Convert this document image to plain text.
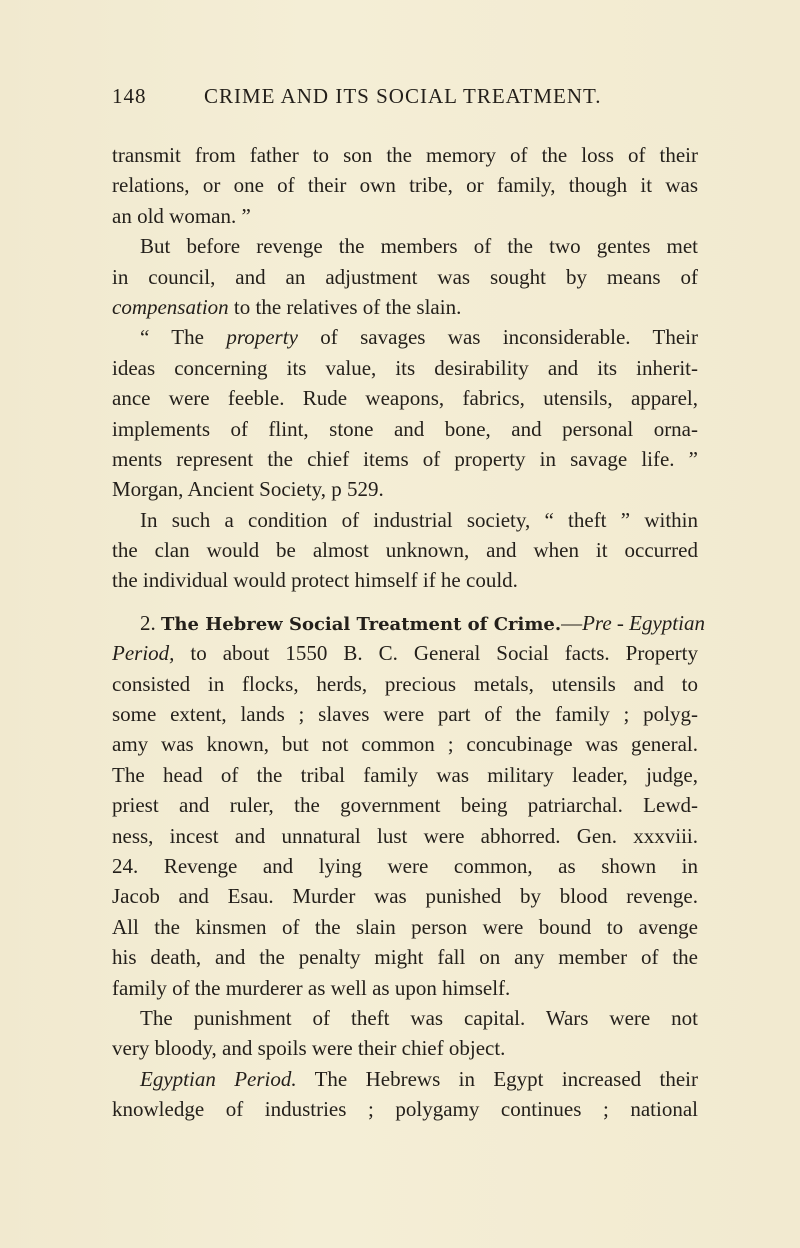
148	CRIME AND ITS SOCIAL TREATMENT.
transmit from father to son the memory of the loss of their
relations, or one of their own tribe, or family, though it was
an old woman. ”
But before revenge the members of the two gentes met
in council, and an adjustment was sought by means of
compensation to the relatives of the slain.
“ The property of savages was inconsiderable. Their
ideas concerning its value, its desirability and its inherit-
ance were feeble. Rude weapons, fabrics, utensils, apparel,
implements of flint, stone and bone, and personal orna-
ments represent the chief items of property in savage life. ”
Morgan, Ancient Society, p 529.
In such a condition of industrial society, “ theft ” within
the clan would be almost unknown, and when it occurred
the individual would protect himself if he could.
2. The Hebrew Social Treatment of Crime.—Pre - Egyptian
Period, to about 1550 B. C. General Social facts. Property
consisted in flocks, herds, precious metals, utensils and to
some extent, lands ; slaves were part of the family ; polyg-
amy was known, but not common ; concubinage was general.
The head of the tribal family was military leader, judge,
priest and ruler, the government being patriarchal. Lewd-
ness, incest and unnatural lust were abhorred. Gen. xxxviii.
24. Revenge and lying were common, as shown in
Jacob and Esau. Murder was punished by blood revenge.
All the kinsmen of the slain person were bound to avenge
his death, and the penalty might fall on any member of the
family of the murderer as well as upon himself.
The punishment of theft was capital. Wars were not
very bloody, and spoils were their chief object.
Egyptian Period. The Hebrews in Egypt increased their
knowledge of industries ; polygamy continues ; national
